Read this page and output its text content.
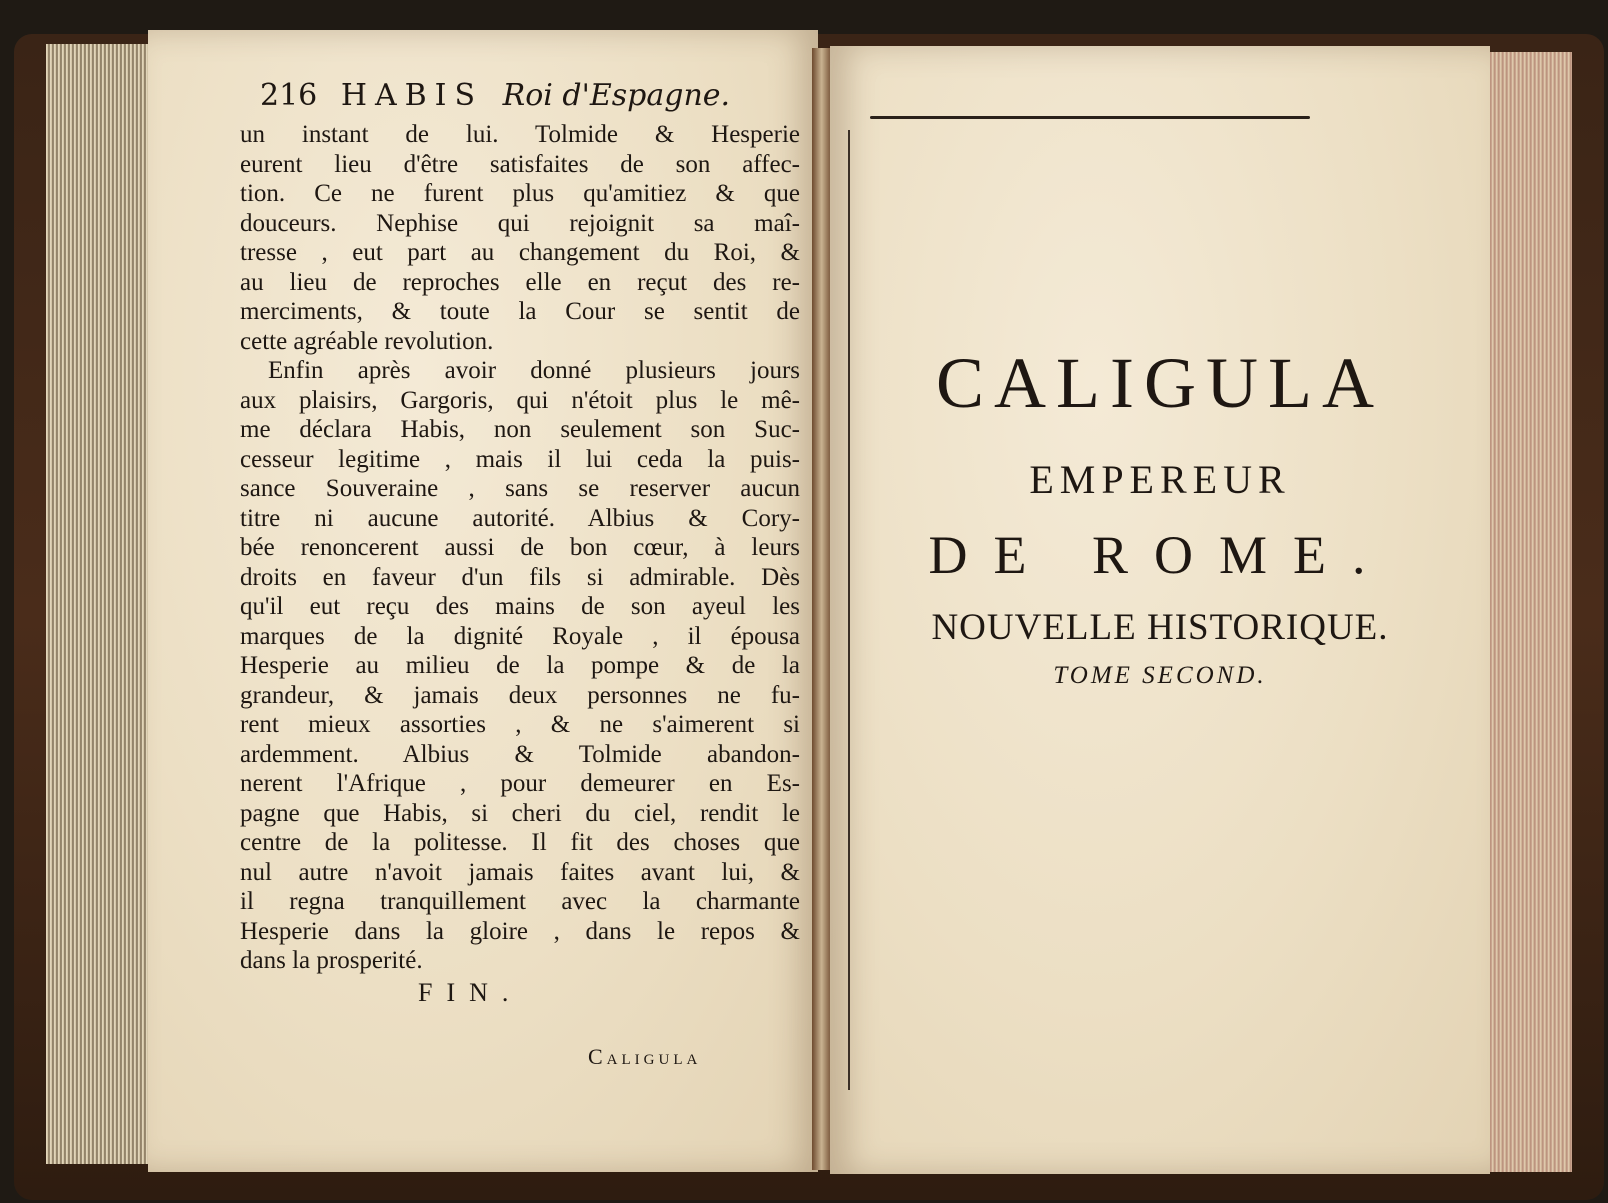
216 HABIS Roi d'Espagne.
un instant de lui. Tolmide & Hesperie
eurent lieu d'être satisfaites de son affec-
tion. Ce ne furent plus qu'amitiez & que
douceurs. Nephise qui rejoignit sa maî-
tresse , eut part au changement du Roi, &
au lieu de reproches elle en reçut des re-
merciments, & toute la Cour se sentit de
cette agréable revolution.
Enfin après avoir donné plusieurs jours
aux plaisirs, Gargoris, qui n'étoit plus le mê-
me déclara Habis, non seulement son Suc-
cesseur legitime , mais il lui ceda la puis-
sance Souveraine , sans se reserver aucun
titre ni aucune autorité. Albius & Cory-
bée renoncerent aussi de bon cœur, à leurs
droits en faveur d'un fils si admirable. Dès
qu'il eut reçu des mains de son ayeul les
marques de la dignité Royale , il épousa
Hesperie au milieu de la pompe & de la
grandeur, & jamais deux personnes ne fu-
rent mieux assorties , & ne s'aimerent si
ardemment. Albius & Tolmide abandon-
nerent l'Afrique , pour demeurer en Es-
pagne que Habis, si cheri du ciel, rendit le
centre de la politesse. Il fit des choses que
nul autre n'avoit jamais faites avant lui, &
il regna tranquillement avec la charmante
Hesperie dans la gloire , dans le repos &
dans la prosperité.
FIN.
Caligula
CALIGULA
EMPEREUR
DE ROME.
NOUVELLE HISTORIQUE.
TOME SECOND.
